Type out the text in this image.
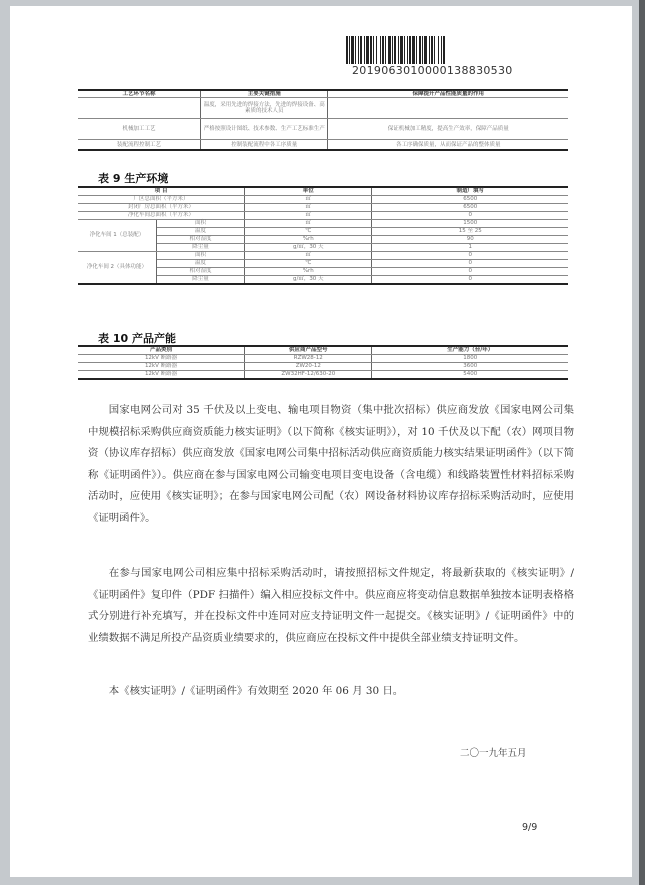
20190630100001388305​30
工艺环节名称	主要关键措施	保障提升产品性能质量的作用
	温度，采用先进的焊接方法，先进的焊接设备、高素质的技术人员	
机械加工工艺	严格按照设计图纸、技术参数、生产工艺标准生产	保证机械加工精度，提高生产效率，保障产品质量
装配流程控制工艺	控制装配流程中各工序质量	各工序确保质量，从而保证产品的整体质量
表 9 生产环境
项 目		单位	制造厂填写
厂区总面积（平方米）		㎡	6500
封闭厂房总面积（平方米）		㎡	6500
净化车间总面积（平方米）		㎡	0
净化车间 1（总装配）	面积	㎡	1500
	温度	℃	15 至 25
	相对湿度	%rh	90
	降尘量	g/㎡，30 天	1
净化车间 2（具体功能）	面积	㎡	0
	温度	℃	0
	相对湿度	%rh	0
	降尘量	g/㎡，30 天	0
表 10 产品产能
产品类别	供应商产品型号	生产能力（台/年）
12kV 断路器	RZW28-12	1800
12kV 断路器	ZW20-12	3600
12kV 断路器	ZW32HF-12/630-20	5400

国家电网公司对 35 千伏及以上变电、输电项目物资（集中批次招标）供应商发放《国家电网公司集中规模招标采购供应商资质能力核实证明》（以下简称《核实证明》），对 10 千伏及以下配（农）网项目物资（协议库存招标）供应商发放《国家电网公司集中招标活动供应商资质能力核实结果证明函件》（以下简称《证明函件》）。供应商在参与国家电网公司输变电项目变电设备（含电缆）和线路装置性材料招标采购活动时，应使用《核实证明》；在参与国家电网公司配（农）网设备材料协议库存招标采购活动时，应使用《证明函件》。

在参与国家电网公司相应集中招标采购活动时，请按照招标文件规定，将最新获取的《核实证明》/《证明函件》复印件（PDF 扫描件）编入相应投标文件中。供应商应将变动信息数据单独按本证明表格格式分别进行补充填写，并在投标文件中连同对应支持证明文件一起提交。《核实证明》/《证明函件》中的业绩数据不满足所投产品资质业绩要求的，供应商应在投标文件中提供全部业绩支持证明文件。

本《核实证明》/《证明函件》有效期至 2020 年 06 月 30 日。

二〇一九年五月
9/9
